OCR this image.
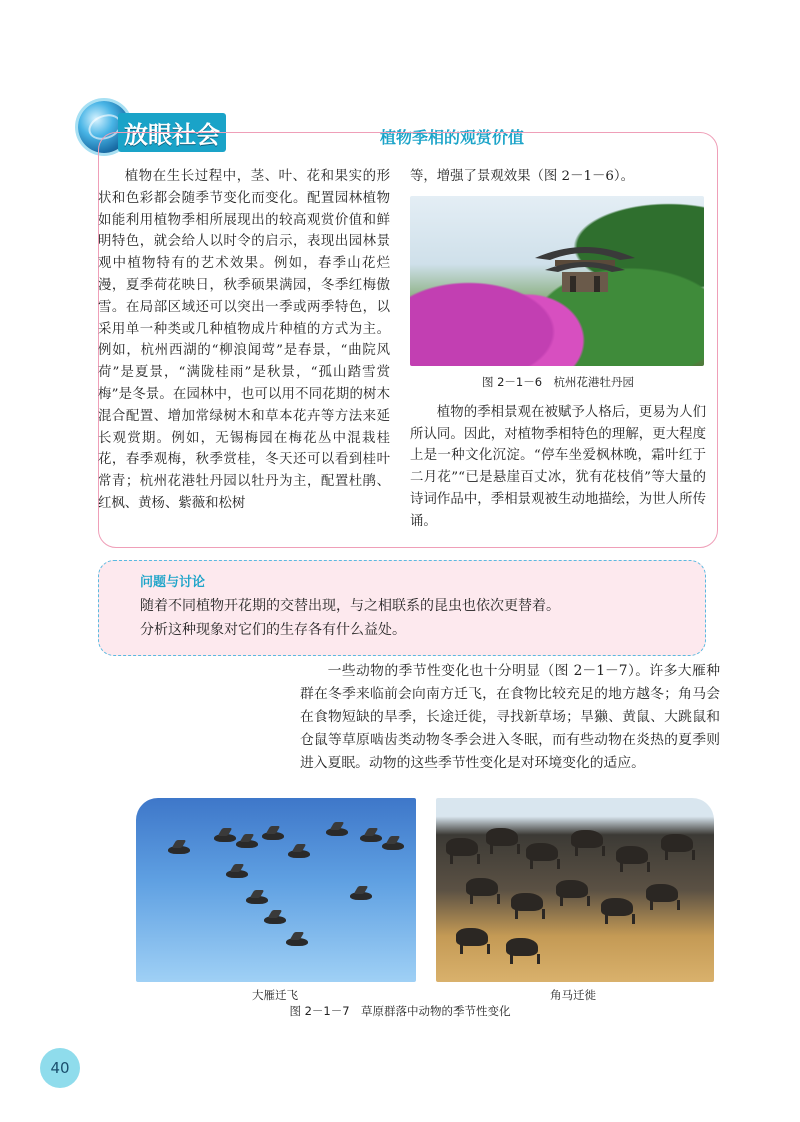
放眼社会	植物季相的观赏价值

植物在生长过程中，茎、叶、花和果实的形状和色彩都会随季节变化而变化。配置园林植物如能利用植物季相所展现出的较高观赏价值和鲜明特色，就会给人以时令的启示，表现出园林景观中植物特有的艺术效果。例如，春季山花烂漫，夏季荷花映日，秋季硕果满园，冬季红梅傲雪。在局部区域还可以突出一季或两季特色，以采用单一种类或几种植物成片种植的方式为主。例如，杭州西湖的“柳浪闻莺”是春景，“曲院风荷”是夏景，“满陇桂雨”是秋景，“孤山踏雪赏梅”是冬景。在园林中，也可以用不同花期的树木混合配置、增加常绿树木和草本花卉等方法来延长观赏期。例如，无锡梅园在梅花丛中混栽桂花，春季观梅，秋季赏桂，冬天还可以看到桂叶常青；杭州花港牡丹园以牡丹为主，配置杜鹃、红枫、黄杨、紫薇和松树

等，增强了景观效果（图 2－1－6）。

图 2－1－6　杭州花港牡丹园

植物的季相景观在被赋予人格后，更易为人们所认同。因此，对植物季相特色的理解，更大程度上是一种文化沉淀。“停车坐爱枫林晚，霜叶红于二月花”“已是悬崖百丈冰，犹有花枝俏”等大量的诗词作品中，季相景观被生动地描绘，为世人所传诵。

问题与讨论
随着不同植物开花期的交替出现，与之相联系的昆虫也依次更替着。
分析这种现象对它们的生存各有什么益处。

一些动物的季节性变化也十分明显（图 2－1－7）。许多大雁种群在冬季来临前会向南方迁飞，在食物比较充足的地方越冬；角马会在食物短缺的旱季，长途迁徙，寻找新草场；旱獭、黄鼠、大跳鼠和仓鼠等草原啮齿类动物冬季会进入冬眠，而有些动物在炎热的夏季则进入夏眠。动物的这些季节性变化是对环境变化的适应。

大雁迁飞	角马迁徙
图 2－1－7　草原群落中动物的季节性变化
40
